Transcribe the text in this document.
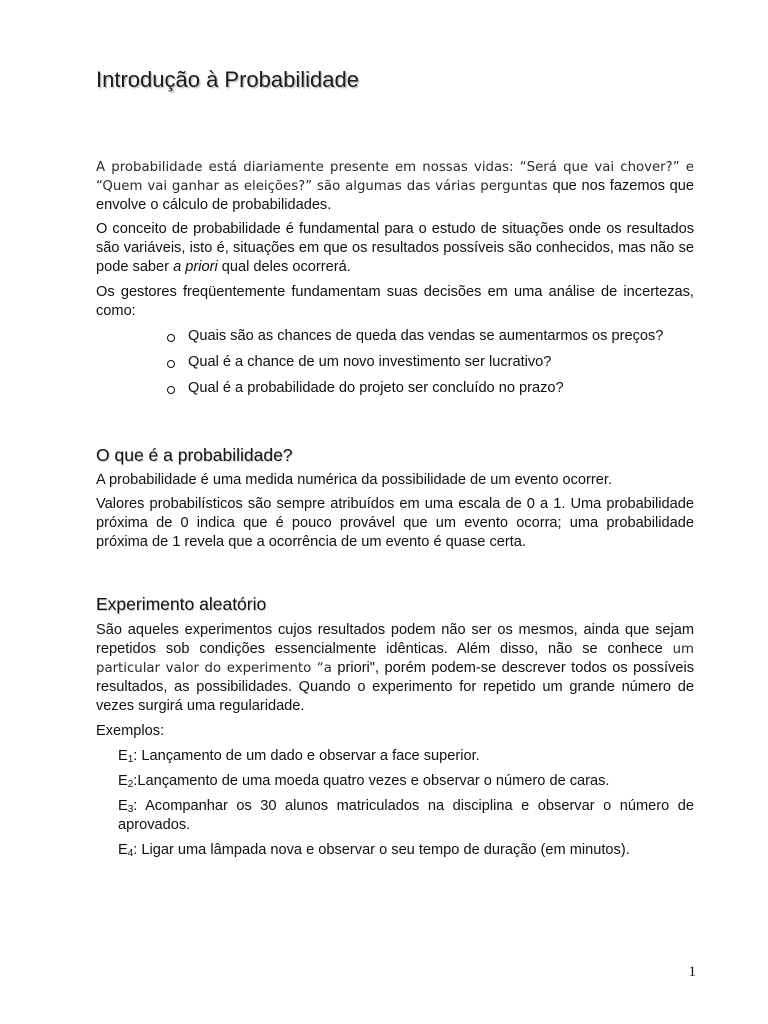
Introdução à Probabilidade

A probabilidade está diariamente presente em nossas vidas: “Será que vai chover?” e “Quem vai ganhar as eleições?” são algumas das várias perguntas que nos fazemos que envolve o cálculo de probabilidades.

O conceito de probabilidade é fundamental para o estudo de situações onde os resultados são variáveis, isto é, situações em que os resultados possíveis são conhecidos, mas não se pode saber a priori qual deles ocorrerá.

Os gestores freqüentemente fundamentam suas decisões em uma análise de incertezas, como:

Quais são as chances de queda das vendas se aumentarmos os preços?
Qual é a chance de um novo investimento ser lucrativo?
Qual é a probabilidade do projeto ser concluído no prazo?
O que é a probabilidade?

A probabilidade é uma medida numérica da possibilidade de um evento ocorrer.

Valores probabilísticos são sempre atribuídos em uma escala de 0 a 1. Uma probabilidade próxima de 0 indica que é pouco provável que um evento ocorra; uma probabilidade próxima de 1 revela que a ocorrência de um evento é quase certa.

Experimento aleatório

São aqueles experimentos cujos resultados podem não ser os mesmos, ainda que sejam repetidos sob condições essencialmente idênticas. Além disso, não se conhece um particular valor do experimento “a priori", porém podem-se descrever todos os possíveis resultados, as possibilidades. Quando o experimento for repetido um grande número de vezes surgirá uma regularidade.

Exemplos:

$E_1$: Lançamento de um dado e observar a face superior.

$E_2:Lançamento$ de uma moeda quatro vezes e observar o número de caras.

$E_3$: Acompanhar os 30 alunos matriculados na disciplina e observar o número de aprovados.

$E_4$: Ligar uma lâmpada nova e observar o seu tempo de duração (em minutos).

1
